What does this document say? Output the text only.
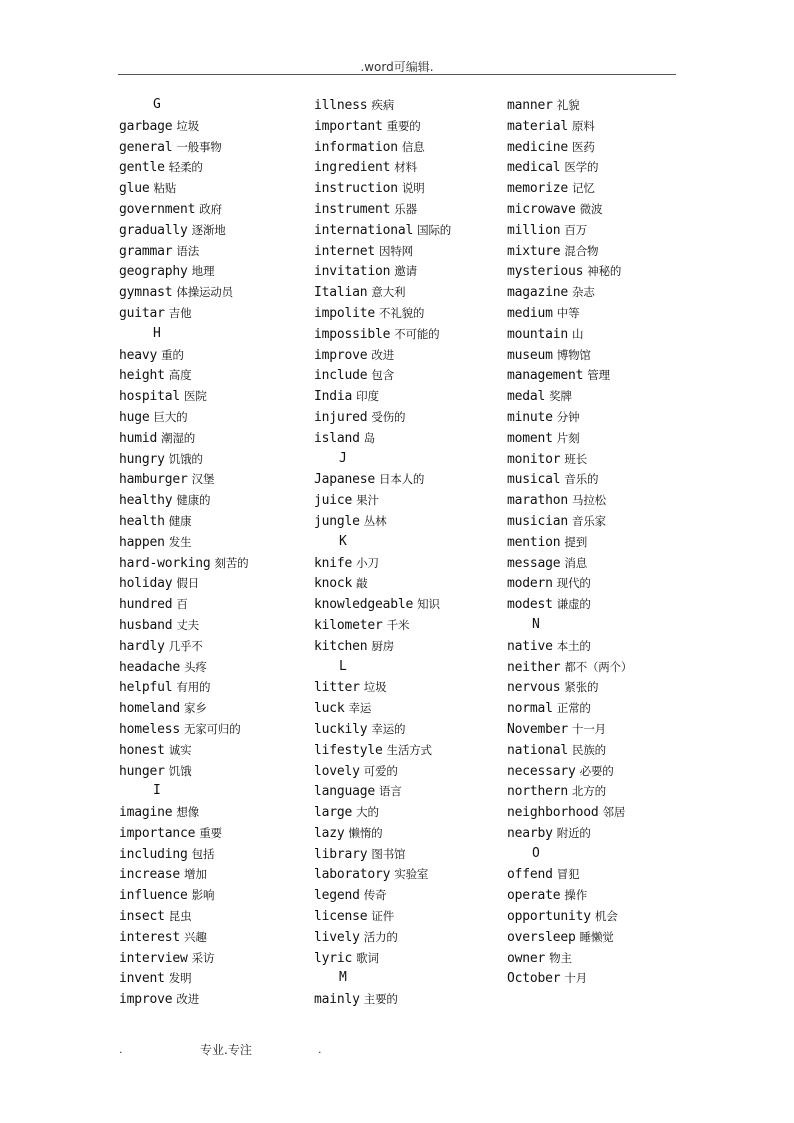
.word可编辑.
G
garbage 垃圾
general 一般事物
gentle 轻柔的
glue 粘贴
government 政府
gradually 逐渐地
grammar 语法
geography 地理
gymnast 体操运动员
guitar 吉他
H
heavy 重的
height 高度
hospital 医院
huge 巨大的
humid 潮湿的
hungry 饥饿的
hamburger 汉堡
healthy 健康的
health 健康
happen 发生
hard-working 刻苦的
holiday 假日
hundred 百
husband 丈夫
hardly 几乎不
headache 头疼
helpful 有用的
homeland 家乡
homeless 无家可归的
honest 诚实
hunger 饥饿
I
imagine 想像
importance 重要
including 包括
increase 增加
influence 影响
insect 昆虫
interest 兴趣
interview 采访
invent 发明
improve 改进
illness 疾病
important 重要的
information 信息
ingredient 材料
instruction 说明
instrument 乐器
international 国际的
internet 因特网
invitation 邀请
Italian 意大利
impolite 不礼貌的
impossible 不可能的
improve 改进
include 包含
India 印度
injured 受伤的
island 岛
J
Japanese 日本人的
juice 果汁
jungle 丛林
K
knife 小刀
knock 敲
knowledgeable 知识
kilometer 千米
kitchen 厨房
L
litter 垃圾
luck 幸运
luckily 幸运的
lifestyle 生活方式
lovely 可爱的
language 语言
large 大的
lazy 懒惰的
library 图书馆
laboratory 实验室
legend 传奇
license 证件
lively 活力的
lyric 歌词
M
mainly 主要的
manner 礼貌
material 原料
medicine 医药
medical 医学的
memorize 记忆
microwave 微波
million 百万
mixture 混合物
mysterious 神秘的
magazine 杂志
medium 中等
mountain 山
museum 博物馆
management 管理
medal 奖牌
minute 分钟
moment 片刻
monitor 班长
musical 音乐的
marathon 马拉松
musician 音乐家
mention 提到
message 消息
modern 现代的
modest 谦虚的
N
native 本土的
neither 都不（两个）
nervous 紧张的
normal 正常的
November 十一月
national 民族的
necessary 必要的
northern 北方的
neighborhood 邻居
nearby 附近的
O
offend 冒犯
operate 操作
opportunity 机会
oversleep 睡懒觉
owner 物主
October 十月
.	专业.专注	.
